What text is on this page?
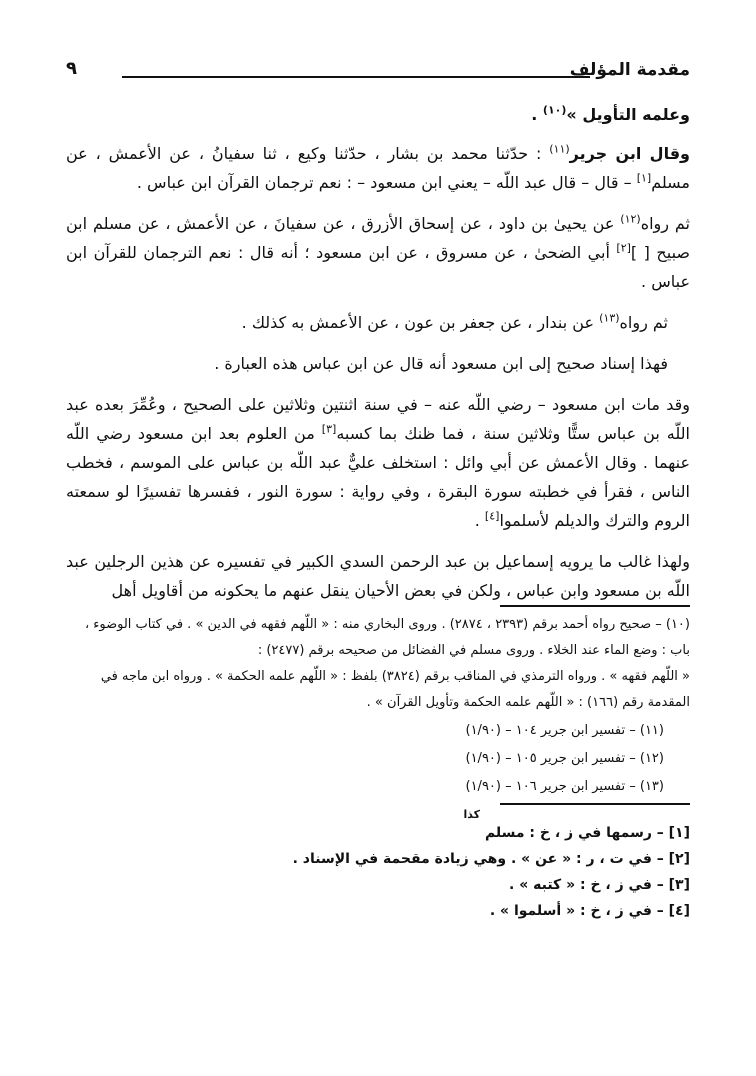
مقدمة المؤلف
٩

وعلمه التأويل »$^{(١٠)}$ .

وقال ابن جرير$^{(١١)}$ : حدّثنا محمد بن بشار ، حدّثنا وكيع ، ثنا سفيانُ ، عن الأعمش ، عن مسلم[١] – قال – قال عبد اللّه – يعني ابن مسعود – : نعم ترجمان القرآن ابن عباس .

ثم رواه$^{(١٢)}$ عن يحيىٰ بن داود ، عن إسحاق الأزرق ، عن سفيانَ ، عن الأعمش ، عن مسلم ابن صبيح [ ][٢] أبي الضحىٰ ، عن مسروق ، عن ابن مسعود ؛ أنه قال : نعم الترجمان للقرآن ابن عباس .

ثم رواه$^{(١٣)}$ عن بندار ، عن جعفر بن عون ، عن الأعمش به كذلك .

فهذا إسناد صحيح إلى ابن مسعود أنه قال عن ابن عباس هذه العبارة .

وقد مات ابن مسعود – رضي اللّه عنه – في سنة اثنتين وثلاثين على الصحيح ، وعُمِّرَ بعده عبد اللّه بن عباس ستًّا وثلاثين سنة ، فما ظنك بما كسبه[٣] من العلوم بعد ابن مسعود رضي اللّه عنهما . وقال الأعمش عن أبي وائل : استخلف عليٌّ عبد اللّه بن عباس على الموسم ، فخطب الناس ، فقرأ في خطبته سورة البقرة ، وفي رواية : سورة النور ، ففسرها تفسيرًا لو سمعته الروم والترك والديلم لأسلموا[٤] .

ولهذا غالب ما يرويه إسماعيل بن عبد الرحمن السدي الكبير في تفسيره عن هذين الرجلين عبد اللّه بن مسعود وابن عباس ، ولكن في بعض الأحيان ينقل عنهم ما يحكونه من أقاويل أهل

(١٠) – صحيح رواه أحمد برقم (٢٣٩٣ ، ٢٨٧٤) . وروى البخاري منه : « اللّهم فقهه في الدين » . في كتاب الوضوء ، باب : وضع الماء عند الخلاء . وروى مسلم في الفضائل من صحيحه برقم (٢٤٧٧) :

« اللّهم فقهه » . ورواه الترمذي في المناقب برقم (٣٨٢٤) بلفظ : « اللّهم علمه الحكمة » . ورواه ابن ماجه في المقدمة رقم (١٦٦) : « اللّهم علمه الحكمة وتأويل القرآن » .

(١١) – تفسير ابن جرير ١٠٤ – (١/٩٠)

(١٢) – تفسير ابن جرير ١٠٥ – (١/٩٠)

(١٣) – تفسير ابن جرير ١٠٦ – (١/٩٠)

كذا

[١] – رسمها في ز ، خ : مسلم

[٢] – في ت ، ر : « عن » . وهي زيادة مقحمة في الإسناد .

[٣] – في ز ، خ : « كتبه » .

[٤] – في ز ، خ : « أسلموا » .
